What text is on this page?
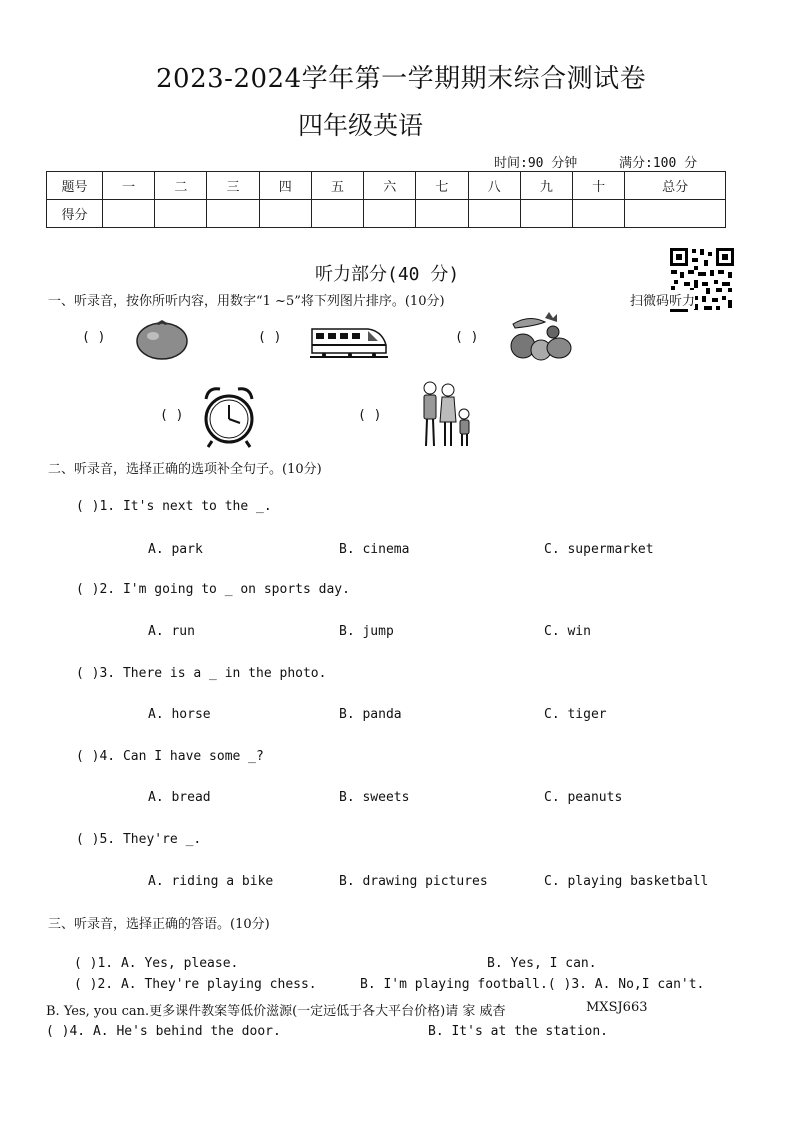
2023-2024学年第一学期期末综合测试卷
四年级英语
时间:90 分钟	满分:100 分
题号	一	二	三	四	五	六	七	八	九	十	总分
得分											
听力部分(40 分)
一、听录音，按你所听内容，用数字“1 ~5”将下列图片排序。(10分)	扫微码听力
( )	( )	( )
( )	( )
二、听录音，选择正确的选项补全句子。(10分)
( )1. It's next to the _.
A. park	B. cinema	C. supermarket
( )2. I'm going to _ on sports day.
A. run	B. jump	C. win
( )3. There is a _ in the photo.
A. horse	B. panda	C. tiger
( )4. Can I have some _?
A. bread	B. sweets	C. peanuts
( )5. They're _.
A. riding a bike	B. drawing pictures	C. playing basketball
三、听录音，选择正确的答语。(10分)
( )1. A. Yes, please.	B. Yes, I can.
( )2. A. They're playing chess.	B. I'm playing football.( )3. A. No,I can't.
B. Yes, you can.更多课件教案等低价滋源(一定远低于各大平台价格)请 家 威杳	MXSJ663
( )4. A. He's behind the door.	B. It's at the station.
